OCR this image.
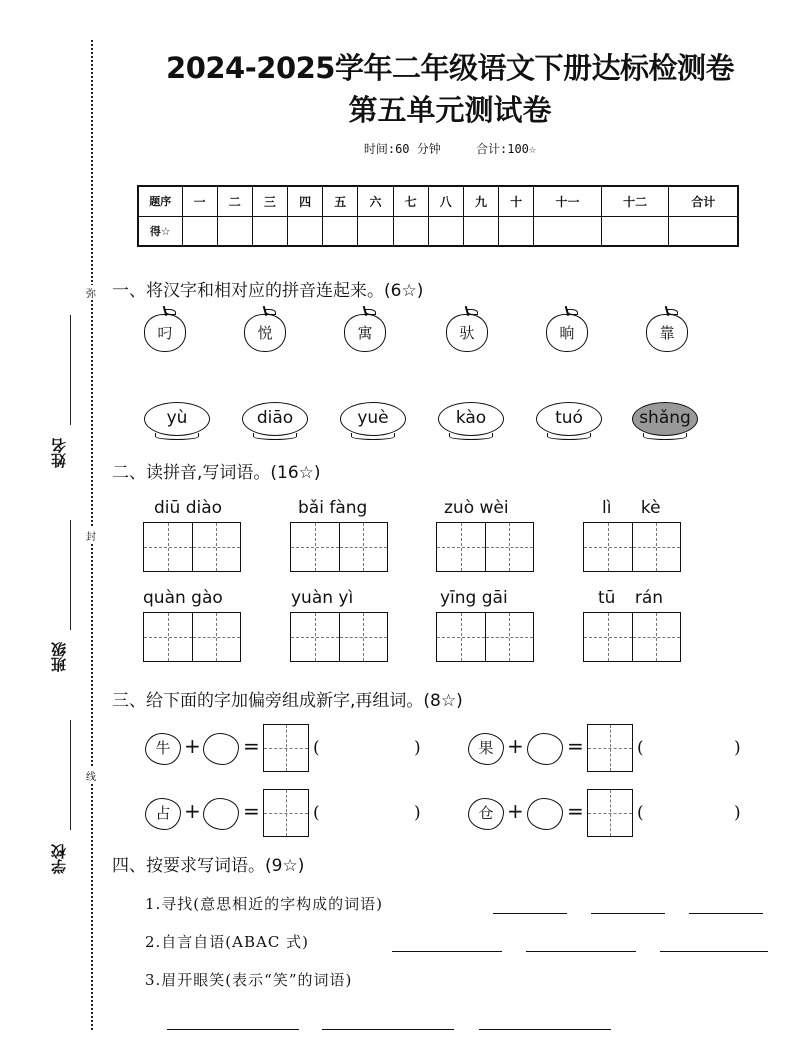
弥
封
线
姓名
班级
学校
2024-2025学年二年级语文下册达标检测卷
第五单元测试卷
时间:60 分钟	合计:100☆
题序	一	二	三	四	五	六	七	八	九	十	十一	十二	合计
得☆													
一、将汉字和相对应的拼音连起来。(6☆)
叼	悦	寓	驮	晌	靠
yù	diāo	yuè	kào	tuó	shǎng
二、读拼音,写词语。(16☆)
diū diào	bǎi fàng	zuò wèi	lì kè
quàn gào	yuàn yì	yīng gāi	tū rán
三、给下面的字加偏旁组成新字,再组词。(8☆)
牛 + =	(	)	果 + =	(	)
占 + =	(	)	仓 + =	(	)
四、按要求写词语。(9☆)
1.寻找(意思相近的字构成的词语)
2.自言自语(ABAC 式)
3.眉开眼笑(表示“笑”的词语)
